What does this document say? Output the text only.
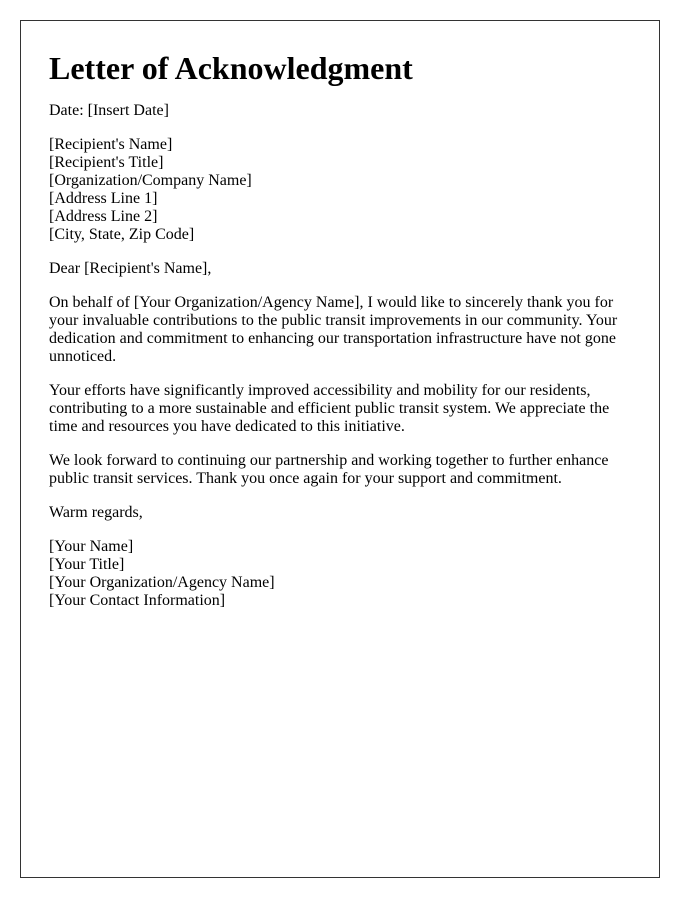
Letter of Acknowledgment
Date: [Insert Date]
[Recipient's Name]
[Recipient's Title]
[Organization/Company Name]
[Address Line 1]
[Address Line 2]
[City, State, Zip Code]
Dear [Recipient's Name],

On behalf of [Your Organization/Agency Name], I would like to sincerely thank you for your invaluable contributions to the public transit improvements in our community. Your dedication and commitment to enhancing our transportation infrastructure have not gone unnoticed.

Your efforts have significantly improved accessibility and mobility for our residents, contributing to a more sustainable and efficient public transit system. We appreciate the time and resources you have dedicated to this initiative.

We look forward to continuing our partnership and working together to further enhance public transit services. Thank you once again for your support and commitment.

Warm regards,
[Your Name]
[Your Title]
[Your Organization/Agency Name]
[Your Contact Information]
